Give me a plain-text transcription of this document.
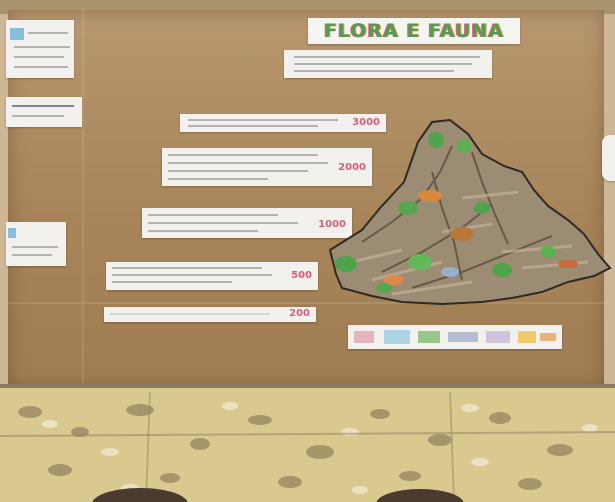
FLORA E FAUNA
3000
2000
1000
500
200
